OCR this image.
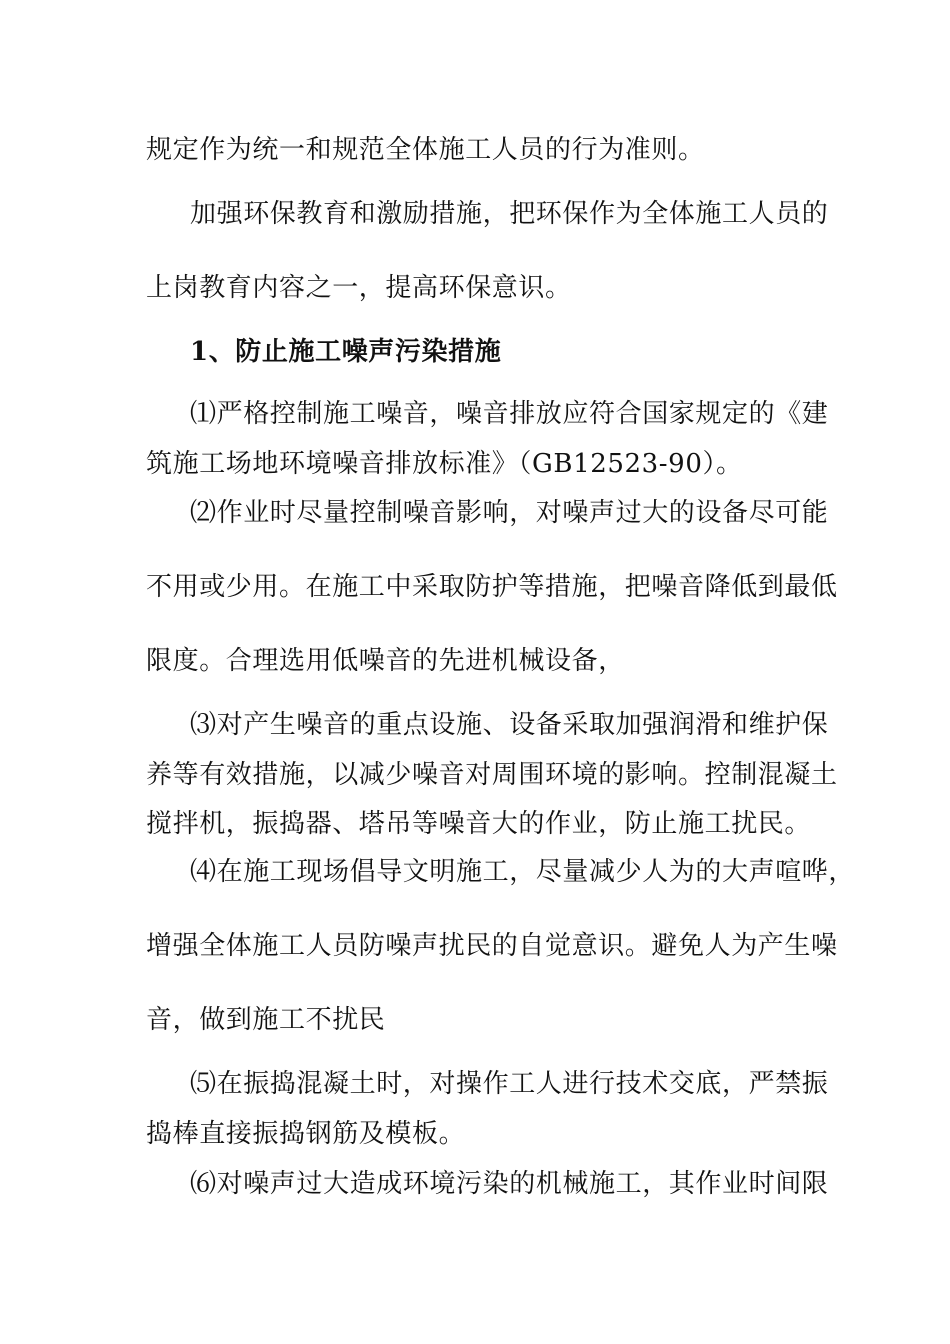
规定作为统一和规范全体施工人员的行为准则。
加强环保教育和激励措施，把环保作为全体施工人员的
上岗教育内容之一，提高环保意识。
1、防止施工噪声污染措施
⑴严格控制施工噪音，噪音排放应符合国家规定的《建
筑施工场地环境噪音排放标准》（GB12523-90）。
⑵作业时尽量控制噪音影响，对噪声过大的设备尽可能
不用或少用。在施工中采取防护等措施，把噪音降低到最低
限度。合理选用低噪音的先进机械设备，
⑶对产生噪音的重点设施、设备采取加强润滑和维护保
养等有效措施，以减少噪音对周围环境的影响。控制混凝土
搅拌机，振捣器、塔吊等噪音大的作业，防止施工扰民。
⑷在施工现场倡导文明施工，尽量减少人为的大声喧哗，
增强全体施工人员防噪声扰民的自觉意识。避免人为产生噪
音，做到施工不扰民
⑸在振捣混凝土时，对操作工人进行技术交底，严禁振
捣棒直接振捣钢筋及模板。
⑹对噪声过大造成环境污染的机械施工，其作业时间限
